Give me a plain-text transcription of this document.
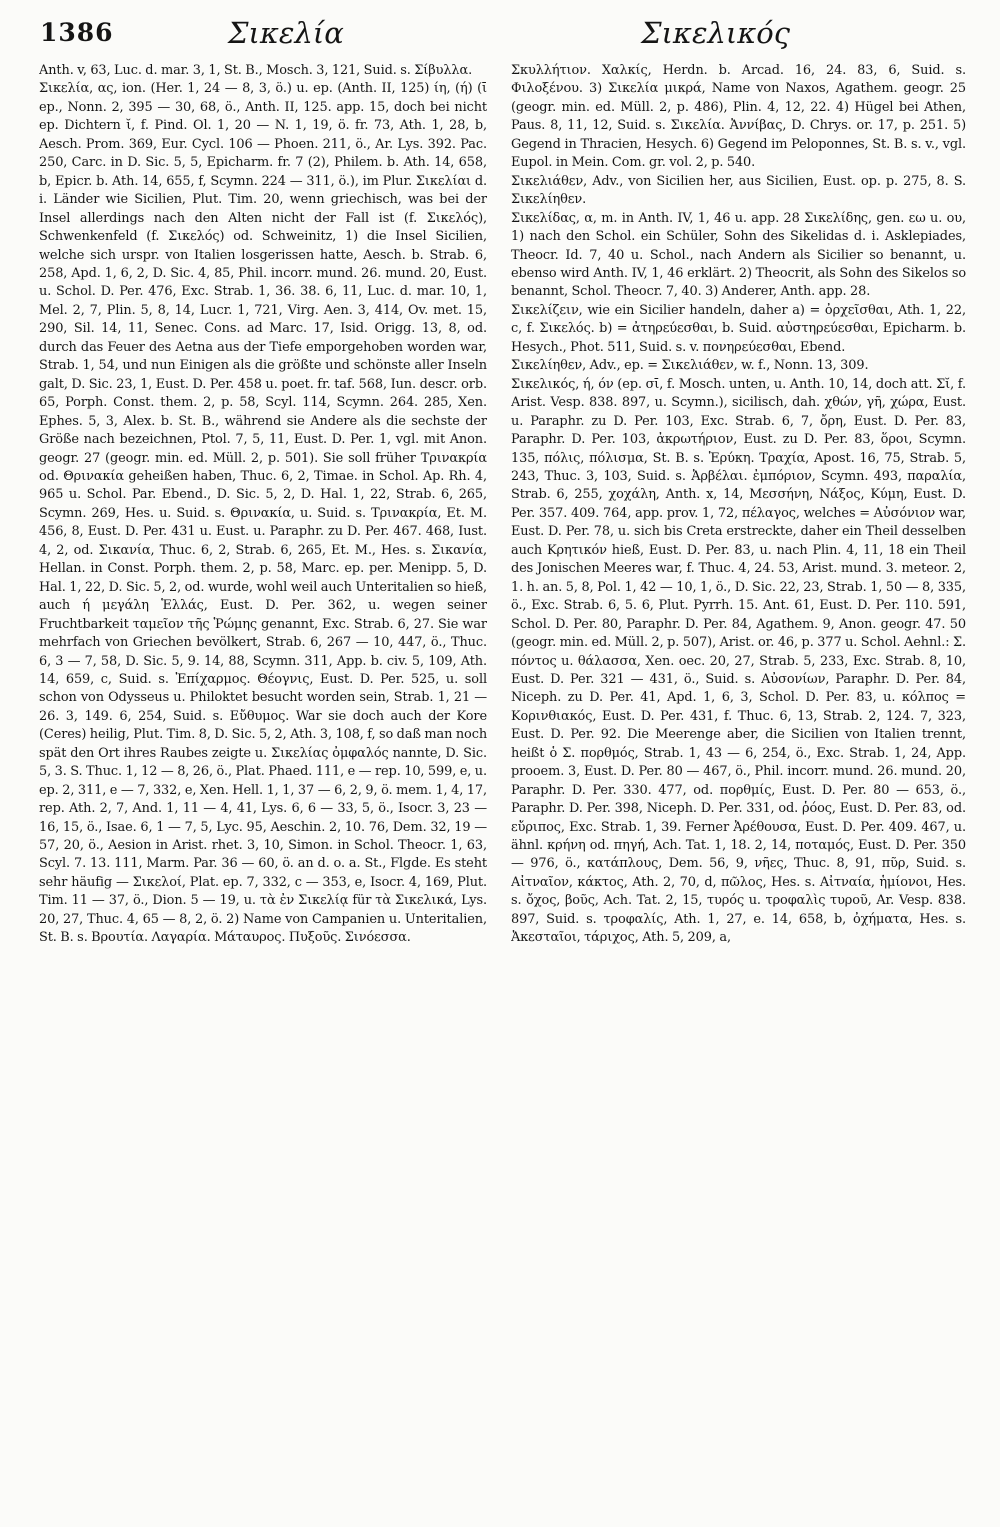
1386	Σικελία	Σικελικός

Anth. v, 63, Luc. d. mar. 3, 1, St. B., Mosch. 3, 121, Suid. s. Σίβυλλα.

Σικελία, ας, ion. (Her. 1, 24 — 8, 3, ö.) u. ep. (Anth. II, 125) ίη, (ή) (ῑ ep., Nonn. 2, 395 — 30, 68, ö., Anth. II, 125. app. 15, doch bei nicht ep. Dichtern ῐ, f. Pind. Ol. 1, 20 — N. 1, 19, ö. fr. 73, Ath. 1, 28, b, Aesch. Prom. 369, Eur. Cycl. 106 — Phoen. 211, ö., Ar. Lys. 392. Pac. 250, Carc. in D. Sic. 5, 5, Epicharm. fr. 7 (2), Philem. b. Ath. 14, 658, b, Epicr. b. Ath. 14, 655, f, Scymn. 224 — 311, ö.), im Plur. Σικελίαι d. i. Länder wie Sicilien, Plut. Tim. 20, wenn griechisch, was bei der Insel allerdings nach den Alten nicht der Fall ist (f. Σικελός), Schwenkenfeld (f. Σικελός) od. Schweinitz, 1) die Insel Sicilien, welche sich urspr. von Italien losgerissen hatte, Aesch. b. Strab. 6, 258, Apd. 1, 6, 2, D. Sic. 4, 85, Phil. incorr. mund. 26. mund. 20, Eust. u. Schol. D. Per. 476, Exc. Strab. 1, 36. 38. 6, 11, Luc. d. mar. 10, 1, Mel. 2, 7, Plin. 5, 8, 14, Lucr. 1, 721, Virg. Aen. 3, 414, Ov. met. 15, 290, Sil. 14, 11, Senec. Cons. ad Marc. 17, Isid. Origg. 13, 8, od. durch das Feuer des Aetna aus der Tiefe emporgehoben worden war, Strab. 1, 54, und nun Einigen als die größte und schönste aller Inseln galt, D. Sic. 23, 1, Eust. D. Per. 458 u. poet. fr. taf. 568, Iun. descr. orb. 65, Porph. Const. them. 2, p. 58, Scyl. 114, Scymn. 264. 285, Xen. Ephes. 5, 3, Alex. b. St. B., während sie Andere als die sechste der Größe nach bezeichnen, Ptol. 7, 5, 11, Eust. D. Per. 1, vgl. mit Anon. geogr. 27 (geogr. min. ed. Müll. 2, p. 501). Sie soll früher Τρινακρία od. Θρινακία geheißen haben, Thuc. 6, 2, Timae. in Schol. Ap. Rh. 4, 965 u. Schol. Par. Ebend., D. Sic. 5, 2, D. Hal. 1, 22, Strab. 6, 265, Scymn. 269, Hes. u. Suid. s. Θρινακία, u. Suid. s. Τρινακρία, Et. M. 456, 8, Eust. D. Per. 431 u. Eust. u. Paraphr. zu D. Per. 467. 468, Iust. 4, 2, od. Σικανία, Thuc. 6, 2, Strab. 6, 265, Et. M., Hes. s. Σικανία, Hellan. in Const. Porph. them. 2, p. 58, Marc. ep. per. Menipp. 5, D. Hal. 1, 22, D. Sic. 5, 2, od. wurde, wohl weil auch Unteritalien so hieß, auch ή μεγάλη Ἑλλάς, Eust. D. Per. 362, u. wegen seiner Fruchtbarkeit ταμεῖον τῆς Ῥώμης genannt, Exc. Strab. 6, 27. Sie war mehrfach von Griechen bevölkert, Strab. 6, 267 — 10, 447, ö., Thuc. 6, 3 — 7, 58, D. Sic. 5, 9. 14, 88, Scymn. 311, App. b. civ. 5, 109, Ath. 14, 659, c, Suid. s. Ἐπίχαρμος. Θέογνις, Eust. D. Per. 525, u. soll schon von Odysseus u. Philoktet besucht worden sein, Strab. 1, 21 — 26. 3, 149. 6, 254, Suid. s. Εὔθυμος. War sie doch auch der Kore (Ceres) heilig, Plut. Tim. 8, D. Sic. 5, 2, Ath. 3, 108, f, so daß man noch spät den Ort ihres Raubes zeigte u. Σικελίας ὀμφαλός nannte, D. Sic. 5, 3. S. Thuc. 1, 12 — 8, 26, ö., Plat. Phaed. 111, e — rep. 10, 599, e, u. ep. 2, 311, e — 7, 332, e, Xen. Hell. 1, 1, 37 — 6, 2, 9, ö. mem. 1, 4, 17, rep. Ath. 2, 7, And. 1, 11 — 4, 41, Lys. 6, 6 — 33, 5, ö., Isocr. 3, 23 — 16, 15, ö., Isae. 6, 1 — 7, 5, Lyc. 95, Aeschin. 2, 10. 76, Dem. 32, 19 — 57, 20, ö., Aesion in Arist. rhet. 3, 10, Simon. in Schol. Theocr. 1, 63, Scyl. 7. 13. 111, Marm. Par. 36 — 60, ö. an d. o. a. St., Flgde. Es steht sehr häufig — Σικελοί, Plat. ep. 7, 332, c — 353, e, Isocr. 4, 169, Plut. Tim. 11 — 37, ö., Dion. 5 — 19, u. τὰ ἐν Σικελίᾳ für τὰ Σικελικά, Lys. 20, 27, Thuc. 4, 65 — 8, 2, ö. 2) Name von Campanien u. Unteritalien, St. B. s. Βρουτία. Λαγαρία. Μάταυρος. Πυξοῦς. Σινόεσσα.

Σκυλλήτιον. Χαλκίς, Herdn. b. Arcad. 16, 24. 83, 6, Suid. s. Φιλοξένου. 3) Σικελία μικρά, Name von Naxos, Agathem. geogr. 25 (geogr. min. ed. Müll. 2, p. 486), Plin. 4, 12, 22. 4) Hügel bei Athen, Paus. 8, 11, 12, Suid. s. Σικελία. Ἀννίβας, D. Chrys. or. 17, p. 251. 5) Gegend in Thracien, Hesych. 6) Gegend im Peloponnes, St. B. s. v., vgl. Eupol. in Mein. Com. gr. vol. 2, p. 540.

Σικελιάθεν, Adv., von Sicilien her, aus Sicilien, Eust. op. p. 275, 8. S. Σικελίηθεν.

Σικελίδας, α, m. in Anth. IV, 1, 46 u. app. 28 Σικελίδης, gen. εω u. ου, 1) nach den Schol. ein Schüler, Sohn des Sikelidas d. i. Asklepiades, Theocr. Id. 7, 40 u. Schol., nach Andern als Sicilier so benannt, u. ebenso wird Anth. IV, 1, 46 erklärt. 2) Theocrit, als Sohn des Sikelos so benannt, Schol. Theocr. 7, 40. 3) Anderer, Anth. app. 28.

Σικελίζειν, wie ein Sicilier handeln, daher a) = ὀρχεῖσθαι, Ath. 1, 22, c, f. Σικελός. b) = ἀτηρεύεσθαι, b. Suid. αὐστηρεύεσθαι, Epicharm. b. Hesych., Phot. 511, Suid. s. v. πονηρεύεσθαι, Ebend.

Σικελίηθεν, Adv., ep. = Σικελιάθεν, w. f., Nonn. 13, 309.

Σικελικός, ή, όν (ep. σῑ, f. Mosch. unten, u. Anth. 10, 14, doch att. Σῐ, f. Arist. Vesp. 838. 897, u. Scymn.), sicilisch, dah. χθών, γῆ, χώρα, Eust. u. Paraphr. zu D. Per. 103, Exc. Strab. 6, 7, ὄρη, Eust. D. Per. 83, Paraphr. D. Per. 103, ἀκρωτήριον, Eust. zu D. Per. 83, ὅροι, Scymn. 135, πόλις, πόλισμα, St. B. s. Ἐρύκη. Τραχία, Apost. 16, 75, Strab. 5, 243, Thuc. 3, 103, Suid. s. Ἀρβέλαι. ἐμπόριον, Scymn. 493, παραλία, Strab. 6, 255, χοχάλη, Anth. x, 14, Μεσσήνη, Νάξος, Κύμη, Eust. D. Per. 357. 409. 764, app. prov. 1, 72, πέλαγος, welches = Αὐσόνιον war, Eust. D. Per. 78, u. sich bis Creta erstreckte, daher ein Theil desselben auch Κρητικόν hieß, Eust. D. Per. 83, u. nach Plin. 4, 11, 18 ein Theil des Jonischen Meeres war, f. Thuc. 4, 24. 53, Arist. mund. 3. meteor. 2, 1. h. an. 5, 8, Pol. 1, 42 — 10, 1, ö., D. Sic. 22, 23, Strab. 1, 50 — 8, 335, ö., Exc. Strab. 6, 5. 6, Plut. Pyrrh. 15. Ant. 61, Eust. D. Per. 110. 591, Schol. D. Per. 80, Paraphr. D. Per. 84, Agathem. 9, Anon. geogr. 47. 50 (geogr. min. ed. Müll. 2, p. 507), Arist. or. 46, p. 377 u. Schol. Aehnl.: Σ. πόντος u. θάλασσα, Xen. oec. 20, 27, Strab. 5, 233, Exc. Strab. 8, 10, Eust. D. Per. 321 — 431, ö., Suid. s. Αὐσονίων, Paraphr. D. Per. 84, Niceph. zu D. Per. 41, Apd. 1, 6, 3, Schol. D. Per. 83, u. κόλπος = Κορινθιακός, Eust. D. Per. 431, f. Thuc. 6, 13, Strab. 2, 124. 7, 323, Eust. D. Per. 92. Die Meerenge aber, die Sicilien von Italien trennt, heißt ὁ Σ. πορθμός, Strab. 1, 43 — 6, 254, ö., Exc. Strab. 1, 24, App. prooem. 3, Eust. D. Per. 80 — 467, ö., Phil. incorr. mund. 26. mund. 20, Paraphr. D. Per. 330. 477, od. πορθμίς, Eust. D. Per. 80 — 653, ö., Paraphr. D. Per. 398, Niceph. D. Per. 331, od. ῥόος, Eust. D. Per. 83, od. εὔριπος, Exc. Strab. 1, 39. Ferner Ἀρέθουσα, Eust. D. Per. 409. 467, u. ähnl. κρήνη od. πηγή, Ach. Tat. 1, 18. 2, 14, ποταμός, Eust. D. Per. 350 — 976, ö., κατάπλους, Dem. 56, 9, νῆες, Thuc. 8, 91, πῦρ, Suid. s. Αἰτναῖον, κάκτος, Ath. 2, 70, d, πῶλος, Hes. s. Αἰτναία, ἡμίονοι, Hes. s. ὄχος, βοῦς, Ach. Tat. 2, 15, τυρός u. τροφαλὶς τυροῦ, Ar. Vesp. 838. 897, Suid. s. τροφαλίς, Ath. 1, 27, e. 14, 658, b, ὀχήματα, Hes. s. Ἀκεσταῖοι, τάριχος, Ath. 5, 209, a,
